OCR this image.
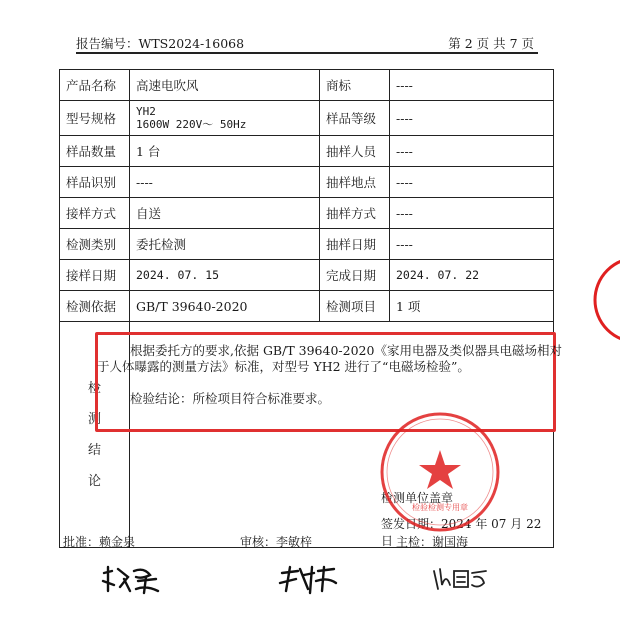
报告编号：WTS2024-16068	第 2 页 共 7 页
产品名称	高速电吹风	商标	----
型号规格	YH2
1600W 220V～ 50Hz	样品等级	----
样品数量	1 台	抽样人员	----
样品识别	----	抽样地点	----
接样方式	自送	抽样方式	----
检测类别	委托检测	抽样日期	----
接样日期	2024. 07. 15	完成日期	2024. 07. 22
检测依据	GB/T 39640-2020	检测项目	1 项

检
测
结
论			

根据委托方的要求,依据 GB/T 39640-2020《家用电器及类似器具电磁场相对
于人体曝露的测量方法》标准，对型号 YH2 进行了“电磁场检验”。
检验结论：所检项目符合标准要求。
检测单位盖章
签发日期：2024 年 07 月 22 日
检验检测专用章
批准：赖金泉	审核：李敏梓	主检：谢国海
